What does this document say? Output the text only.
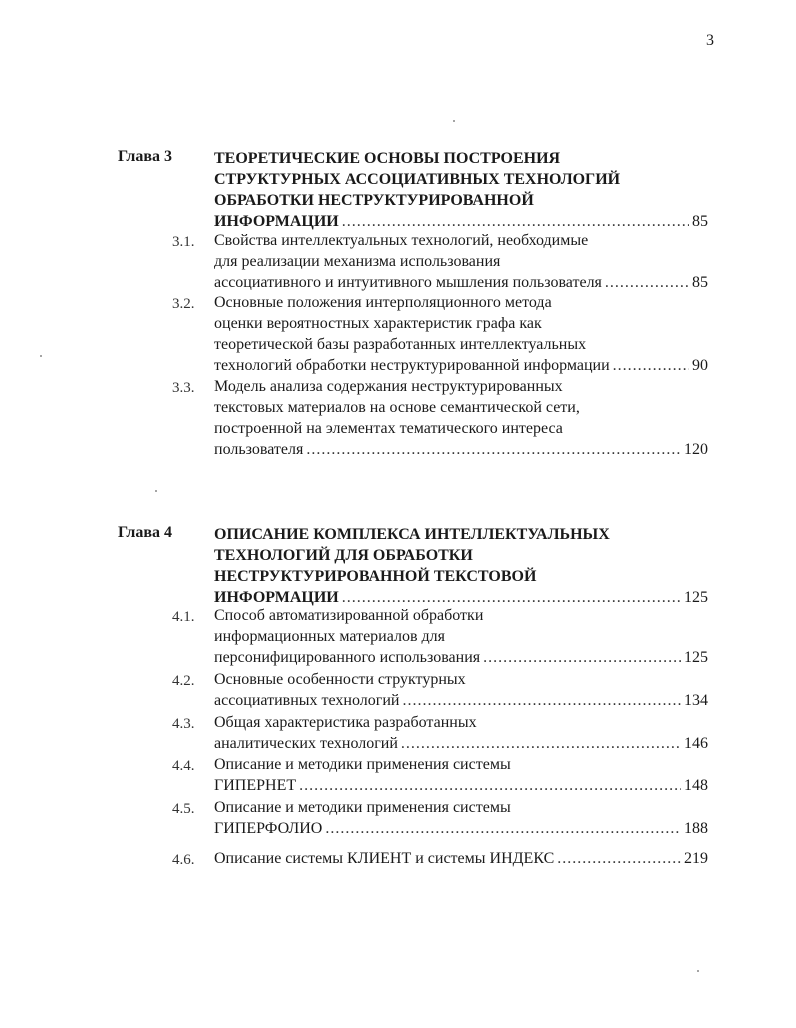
3
Глава 3	ТЕОРЕТИЧЕСКИЕ ОСНОВЫ ПОСТРОЕНИЯ
СТРУКТУРНЫХ АССОЦИАТИВНЫХ ТЕХНОЛОГИЙ
ОБРАБОТКИ НЕСТРУКТУРИРОВАННОЙ
ИНФОРМАЦИИ .....	85
3.1. Свойства интеллектуальных технологий, необходимые
для реализации механизма использования
ассоциативного и интуитивного мышления пользователя .....	85
3.2. Основные положения интерполяционного метода
оценки вероятностных характеристик графа как
теоретической базы разработанных интеллектуальных
технологий обработки неструктурированной информации .....	90
3.3. Модель анализа содержания неструктурированных
текстовых материалов на основе семантической сети,
построенной на элементах тематического интереса
пользователя .....	120
Глава 4	ОПИСАНИЕ КОМПЛЕКСА ИНТЕЛЛЕКТУАЛЬНЫХ
ТЕХНОЛОГИЙ ДЛЯ ОБРАБОТКИ
НЕСТРУКТУРИРОВАННОЙ ТЕКСТОВОЙ
ИНФОРМАЦИИ .....	125
4.1. Способ автоматизированной обработки
информационных материалов для
персонифицированного использования .....	125
4.2. Основные особенности структурных
ассоциативных технологий .....	134
4.3. Общая характеристика разработанных
аналитических технологий .....	146
4.4. Описание и методики применения системы
ГИПЕРНЕТ .....	148
4.5. Описание и методики применения системы
ГИПЕРФОЛИО .....	188
4.6. Описание системы КЛИЕНТ и системы ИНДЕКС .....	219
